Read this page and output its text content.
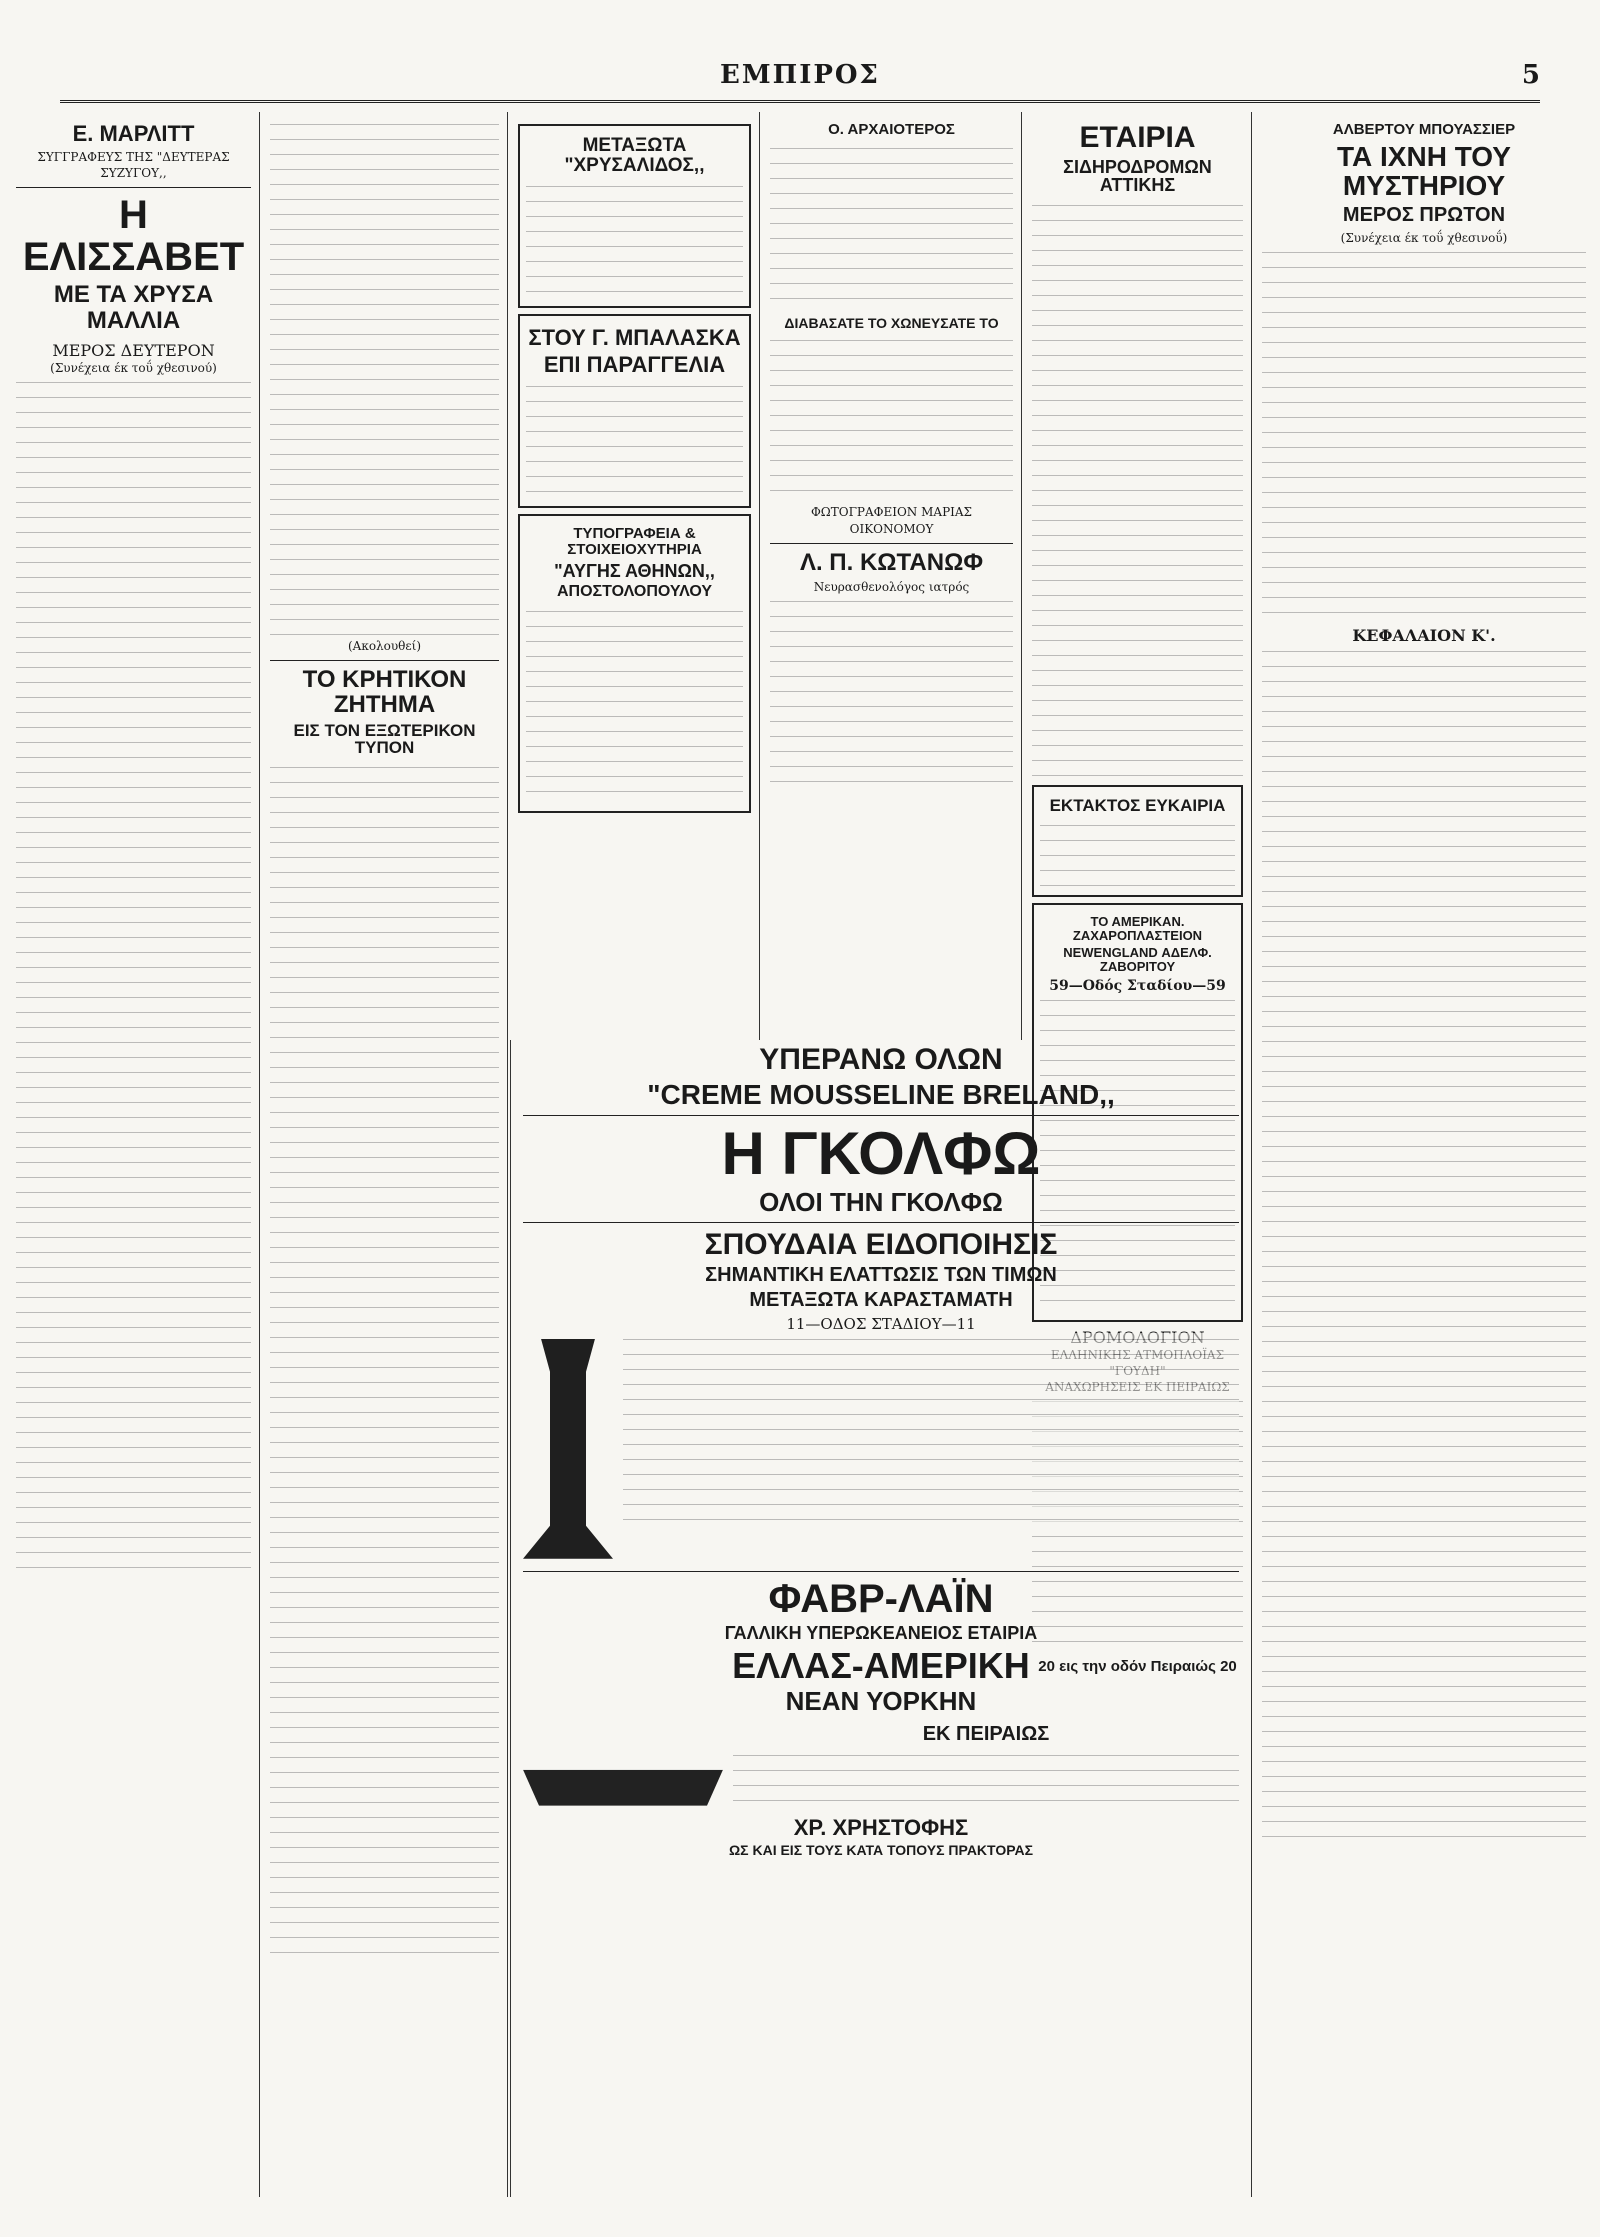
ΕΜΠΙΡΟΣ	5
Ε. ΜΑΡΛΙΤΤ
ΣΥΓΓΡΑΦΕΥΣ ΤΗΣ "ΔΕΥΤΕΡΑΣ ΣΥΖΥΓΟΥ,,
Η ΕΛΙΣΣΑΒΕΤ
ΜΕ ΤΑ ΧΡΥΣΑ ΜΑΛΛΙΑ
ΜΕΡΟΣ ΔΕΥΤΕΡΟΝ
(Συνέχεια έκ τοΰ χθεσινού)
(Ακολουθεί)
ΤΟ ΚΡΗΤΙΚΟΝ ΖΗΤΗΜΑ
ΕΙΣ ΤΟΝ ΕΞΩΤΕΡΙΚΟΝ ΤΥΠΟΝ
ΜΕΤΑΞΩΤΑ "ΧΡΥΣΑΛΙΔΟΣ,,
ΣΤΟΥ Γ. ΜΠΑΛΑΣΚΑ
ΕΠΙ ΠΑΡΑΓΓΕΛΙΑ
ΤΥΠΟΓΡΑΦΕΙΑ & ΣΤΟΙΧΕΙΟΧΥΤΗΡΙΑ
"ΑΥΓΗΣ ΑΘΗΝΩΝ,,
ΑΠΟΣΤΟΛΟΠΟΥΛΟΥ
Ο. ΑΡΧΑΙΟΤΕΡΟΣ
ΔΙΑΒΑΣΑΤΕ ΤΟ ΧΩΝΕΥΣΑΤΕ ΤΟ
ΦΩΤΟΓΡΑΦΕΙΟΝ ΜΑΡΙΑΣ ΟΙΚΟΝΟΜΟΥ
Λ. Π. ΚΩΤΑΝΩΦ
Νευρασθενολόγος ιατρός
ΕΤΑΙΡΙΑ
ΣΙΔΗΡΟΔΡΟΜΩΝ ΑΤΤΙΚΗΣ
ΕΚΤΑΚΤΟΣ ΕΥΚΑΙΡΙΑ
ΤΟ ΑΜΕΡΙΚΑΝ. ΖΑΧΑΡΟΠΛΑΣΤΕΙΟΝ
NEWENGLAND ΑΔΕΛΦ. ΖΑΒΟΡΙΤΟΥ
59—Οδός Σταδίου—59
20 εις την οδόν Πειραιώς 20
ΑΛΒΕΡΤΟΥ ΜΠΟΥΑΣΣΙΕΡ
ΤΑ ΙΧΝΗ ΤΟΥ ΜΥΣΤΗΡΙΟΥ
ΜΕΡΟΣ ΠΡΩΤΟΝ
(Συνέχεια έκ τοΰ χθεσινοΰ)
ΚΕΦΑΛΑΙΟΝ Κ'.
ΥΠΕΡΑΝΩ ΟΛΩΝ
"CREME MOUSSELINE BRELAND,,
Η ΓΚΟΛΦΩ
ΟΛΟΙ ΤΗΝ ΓΚΟΛΦΩ
ΣΠΟΥΔΑΙΑ ΕΙΔΟΠΟΙΗΣΙΣ
ΣΗΜΑΝΤΙΚΗ ΕΛΑΤΤΩΣΙΣ ΤΩΝ ΤΙΜΩΝ
ΜΕΤΑΞΩΤΑ ΚΑΡΑΣΤΑΜΑΤΗ
11—ΟΔΟΣ ΣΤΑΔΙΟΥ—11
ΦΑΒΡ-ΛΑΪΝ
ΓΑΛΛΙΚΗ ΥΠΕΡΩΚΕΑΝΕΙΟΣ ΕΤΑΙΡΙΑ
ΕΛΛΑΣ-ΑΜΕΡΙΚΗ
ΝΕΑΝ ΥΟΡΚΗΝ
ΕΚ ΠΕΙΡΑΙΩΣ
ΧΡ. ΧΡΗΣΤΟΦΗΣ
ΩΣ ΚΑΙ ΕΙΣ ΤΟΥΣ ΚΑΤΑ ΤΟΠΟΥΣ ΠΡΑΚΤΟΡΑΣ
